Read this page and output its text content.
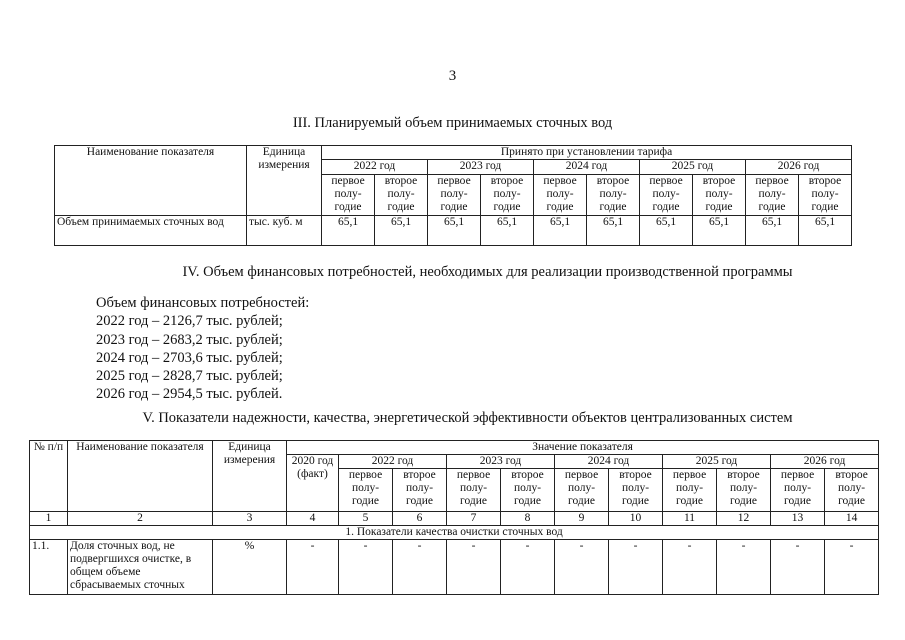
3
III. Планируемый объем принимаемых сточных вод
Наименование показателя	Единица измерения	Принято при установлении тарифа									
		2022 год		2023 год		2024 год		2025 год		2026 год	
		первое полу-годие	второе полу-годие	первое полу-годие	второе полу-годие	первое полу-годие	второе полу-годие	первое полу-годие	второе полу-годие	первое полу-годие	второе полу-годие
Объем принимаемых сточных вод	тыс. куб. м	65,1	65,1	65,1	65,1	65,1	65,1	65,1	65,1	65,1	65,1
IV. Объем финансовых потребностей, необходимых для реализации производственной программы
Объем финансовых потребностей:
2022 год – 2126,7 тыс. рублей;
2023 год – 2683,2 тыс. рублей;
2024 год – 2703,6 тыс. рублей;
2025 год – 2828,7 тыс. рублей;
2026 год – 2954,5 тыс. рублей.
V. Показатели надежности, качества, энергетической эффективности объектов централизованных систем
№ п/п	Наименование показателя	Единица измерения	Значение показателя										
			2020 год (факт)	2022 год		2023 год		2024 год		2025 год		2026 год	
				первое полу-годие	второе полу-годие	первое полу-годие	второе полу-годие	первое полу-годие	второе полу-годие	первое полу-годие	второе полу-годие	первое полу-годие	второе полу-годие
1	2	3	4	5	6	7	8	9	10	11	12	13	14
1. Показатели качества очистки сточных вод													
1.1.	Доля сточных вод, не подвергшихся очистке, в общем объеме сбрасываемых сточных	%	-	-	-	-	-	-	-	-	-	-	-
